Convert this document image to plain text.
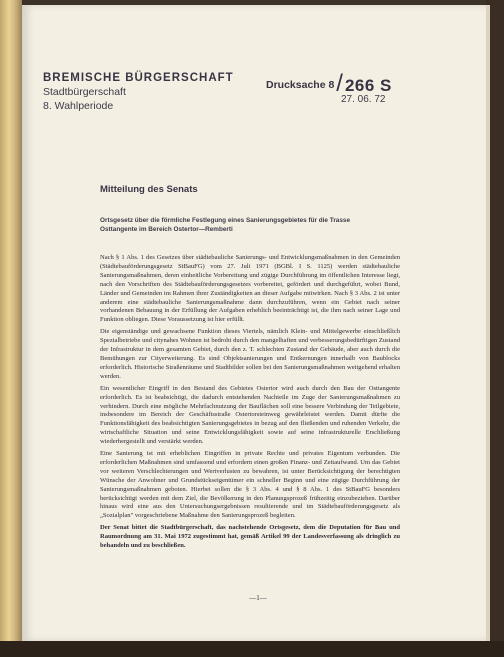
BREMISCHE BÜRGERSCHAFT
Stadtbürgerschaft
8. Wahlperiode
Drucksache 8/ 266 S
27. 06. 72
Mitteilung des Senats
Ortsgesetz über die förmliche Festlegung eines Sanierungsgebietes für die Trasse
Osttangente im Bereich Ostertor—Remberti

Nach § 1 Abs. 1 des Gesetzes über städtebauliche Sanierungs- und Entwicklungsmaßnahmen in den Gemeinden (Städtebauförderungsgesetz StBauFG) vom 27. Juli 1971 (BGBl. I S. 1125) werden städtebauliche Sanierungsmaßnahmen, deren einheitliche Vorbereitung und zügige Durchführung im öffentlichen Interesse liegt, nach den Vorschriften des Städtebauförderungsgesetzes vorbereitet, gefördert und durchgeführt, wobei Bund, Länder und Gemeinden im Rahmen ihrer Zuständigkeiten an dieser Aufgabe mitwirken. Nach § 3 Abs. 2 ist unter anderem eine städtebauliche Sanierungsmaßnahme dann durchzuführen, wenn ein Gebiet nach seiner vorhandenen Bebauung in der Erfüllung der Aufgaben erheblich beeinträchtigt ist, die ihm nach seiner Lage und Funktion obliegen. Diese Voraussetzung ist hier erfüllt.

Die eigenständige und gewachsene Funktion dieses Viertels, nämlich Klein- und Mittelgewerbe einschließlich Spezialbetriebe und citynahes Wohnen ist bedroht durch den mangelhaften und verbesserungsbedürftigen Zustand der Infrastruktur in dem gesamten Gebiet, durch den z. T. schlechten Zustand der Gebäude, aber auch durch die Bemühungen zur Cityerweiterung. Es sind Objektsanierungen und Entkernungen innerhalb von Baublocks erforderlich. Historische Straßenräume und Stadtbilder sollen bei den Sanierungsmaßnahmen weitgehend erhalten werden.

Ein wesentlicher Eingriff in den Bestand des Gebietes Ostertor wird auch durch den Bau der Osttangente erforderlich. Es ist beabsichtigt, die dadurch entstehenden Nachteile im Zuge der Sanierungsmaßnahmen zu verhindern. Durch eine mögliche Mehrfachnutzung der Bauflächen soll eine bessere Verbindung der Teilgebiete, insbesondere im Bereich der Geschäftsstraße Ostertorsteinweg gewährleistet werden. Damit dürfte die Funktionsfähigkeit des beabsichtigten Sanierungsgebietes in bezug auf den fließenden und ruhenden Verkehr, die wirtschaftliche Situation und seine Entwicklungsfähigkeit sowie auf seine infrastrukturelle Erschließung wiederhergestellt und verstärkt werden.

Eine Sanierung ist mit erheblichen Eingriffen in private Rechte und privates Eigentum verbunden. Die erforderlichen Maßnahmen sind umfassend und erfordern einen großen Finanz- und Zeitaufwand. Um das Gebiet vor weiteren Verschlechterungen und Wertverlusten zu bewahren, ist unter Berücksichtigung der berechtigten Wünsche der Anwohner und Grundstückseigentümer ein schneller Beginn und eine zügige Durchführung der Sanierungsmaßnahmen geboten. Hierbei sollen die § 3 Abs. 4 und § 8 Abs. 1 des StBauFG besonders berücksichtigt werden mit dem Ziel, die Bevölkerung in den Planungsprozeß frühzeitig einzubeziehen. Darüber hinaus wird eine aus den Untersuchungsergebnissen resultierende und im Städtebauförderungsgesetz als „Sozialplan" vorgeschriebene Maßnahme den Sanierungsprozeß begleiten.

Der Senat bittet die Stadtbürgerschaft, das nachstehende Ortsgesetz, dem die Deputation für Bau und Raumordnung am 31. Mai 1972 zugestimmt hat, gemäß Artikel 99 der Landesverfassung als dringlich zu behandeln und zu beschließen.

—1—
